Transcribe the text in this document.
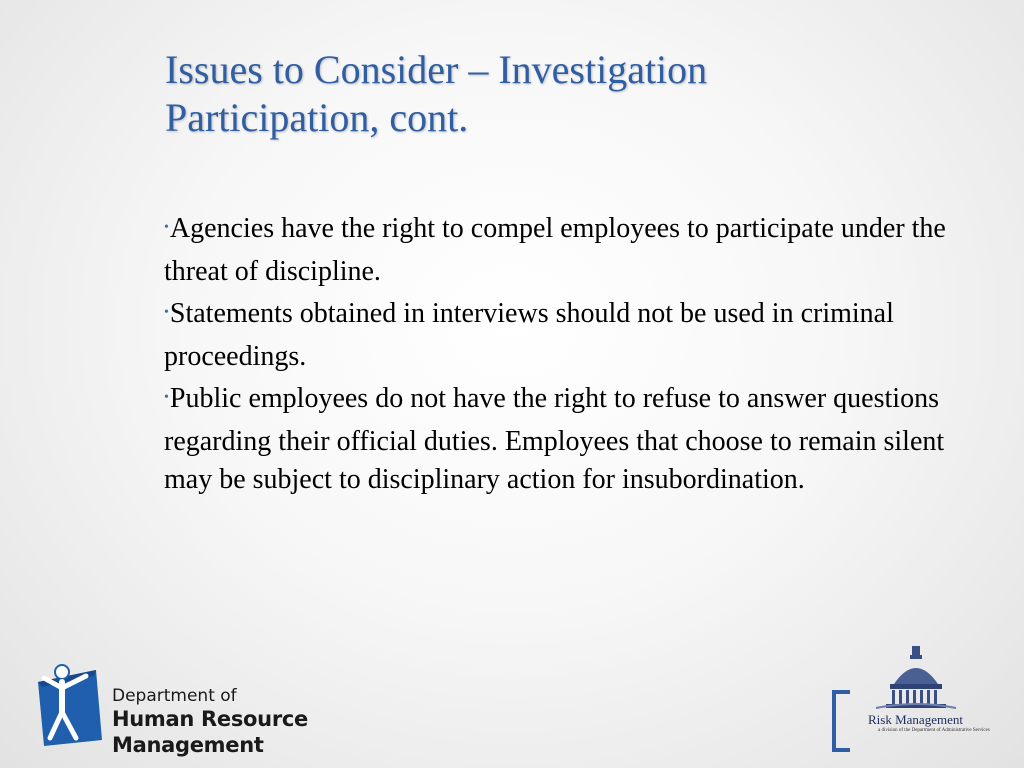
Issues to Consider – Investigation Participation, cont.
•Agencies have the right to compel employees to participate under the threat of discipline.
•Statements obtained in interviews should not be used in criminal proceedings.
•Public employees do not have the right to refuse to answer questions regarding their official duties. Employees that choose to remain silent may be subject to disciplinary action for insubordination.
Department of
Human Resource Management
Risk Management
a division of the Department of Administrative Services
